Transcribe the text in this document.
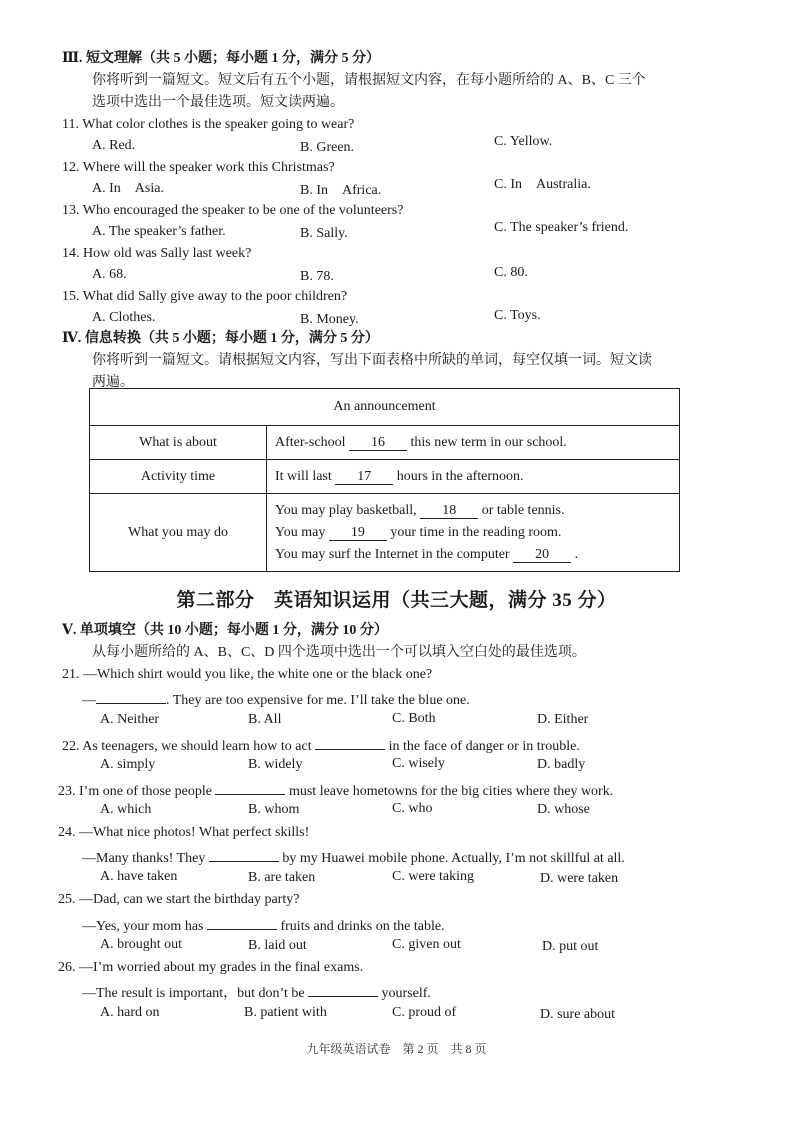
Ⅲ. 短文理解（共 5 小题；每小题 1 分，满分 5 分）
你将听到一篇短文。短文后有五个小题，请根据短文内容，在每小题所给的 A、B、C 三个
选项中选出一个最佳选项。短文读两遍。
11. What color clothes is the speaker going to wear?
A. Red.	B. Green.	C. Yellow.
12. Where will the speaker work this Christmas?
A. In　Asia.	B. In　Africa.	C. In　Australia.
13. Who encouraged the speaker to be one of the volunteers?
A. The speaker’s father.	B. Sally.	C. The speaker’s friend.
14. How old was Sally last week?
A. 68.	B. 78.	C. 80.
15. What did Sally give away to the poor children?
A. Clothes.	B. Money.	C. Toys.
Ⅳ. 信息转换（共 5 小题；每小题 1 分，满分 5 分）
你将听到一篇短文。请根据短文内容，写出下面表格中所缺的单词，每空仅填一词。短文读
两遍。
An announcement	
What is about	After-school 16 this new term in our school.
Activity time	It will last 17 hours in the afternoon.
What you may do	You may play basketball, 18 or table tennis.
You may 19 your time in the reading room.
You may surf the Internet in the computer 20 .
第二部分　英语知识运用（共三大题，满分 35 分）
Ⅴ. 单项填空（共 10 小题；每小题 1 分，满分 10 分）
从每小题所给的 A、B、C、D 四个选项中选出一个可以填入空白处的最佳选项。
21. —Which shirt would you like, the white one or the black one?
—	. They are too expensive for me. I’ll take the blue one.
A. Neither	B. All	C. Both	D. Either
22. As teenagers, we should learn how to act	in the face of danger or in trouble.
A. simply	B. widely	C. wisely	D. badly
23. I’m one of those people	must leave hometowns for the big cities where they work.
A. which	B. whom	C. who	D. whose
24. —What nice photos! What perfect skills!
—Many thanks! They	by my Huawei mobile phone. Actually, I’m not skillful at all.
A. have taken	B. are taken	C. were taking	D. were taken
25. —Dad, can we start the birthday party?
—Yes, your mom has	fruits and drinks on the table.
A. brought out	B. laid out	C. given out	D. put out
26. —I’m worried about my grades in the final exams.
—The result is important，but don’t be	yourself.
A. hard on	B. patient with	C. proud of	D. sure about
九年级英语试卷　第 2 页　共 8 页
